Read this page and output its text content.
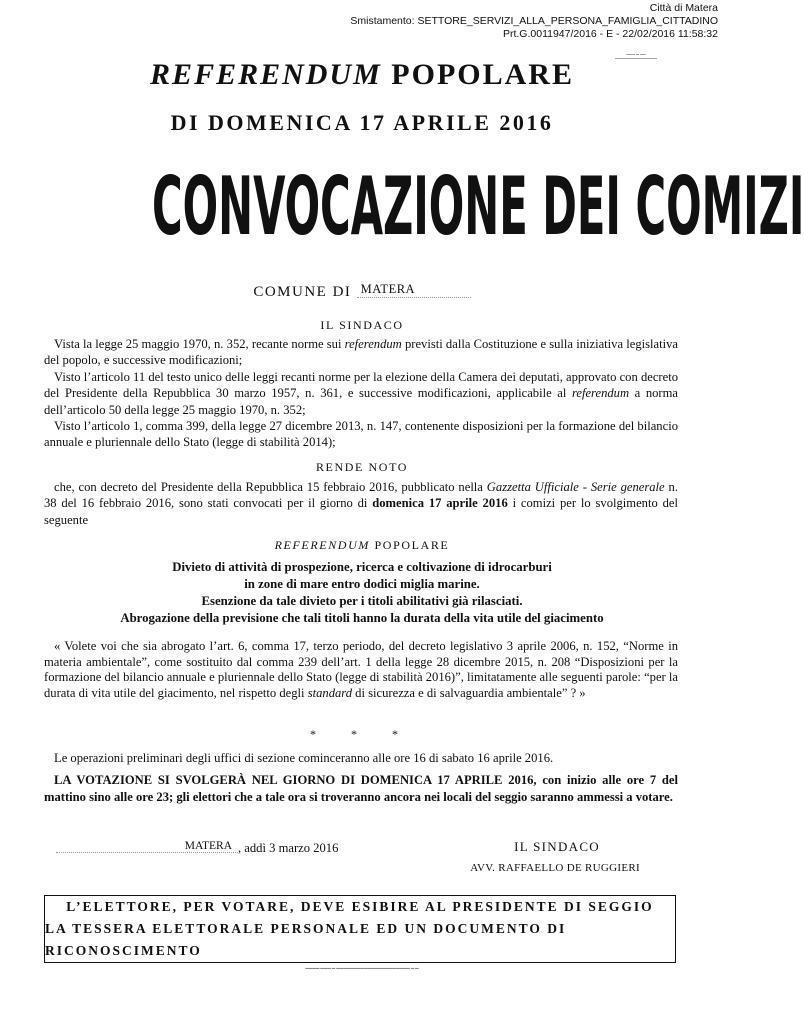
Città di Matera
Smistamento: SETTORE_SERVIZI_ALLA_PERSONA_FAMIGLIA_CITTADINO
Prt.G.0011947/2016 - E - 22/02/2016 11:58:32
▬▬▬ ▬ ▬▬
▬▬▬▬▬▬▬▬▬▬▬▬▬▬
REFERENDUM POPOLARE
DI DOMENICA 17 APRILE 2016
CONVOCAZIONE DEI COMIZI
COMUNE DI MATERA
IL SINDACO

Vista la legge 25 maggio 1970, n. 352, recante norme sui referendum previsti dalla Costituzione e sulla iniziativa legislativa del popolo, e successive modificazioni;

Visto l’articolo 11 del testo unico delle leggi recanti norme per la elezione della Camera dei deputati, approvato con decreto del Presidente della Repubblica 30 marzo 1957, n. 361, e successive modificazioni, applicabile al referendum a norma dell’articolo 50 della legge 25 maggio 1970, n. 352;

Visto l’articolo 1, comma 399, della legge 27 dicembre 2013, n. 147, contenente disposizioni per la formazione del bilancio annuale e pluriennale dello Stato (legge di stabilità 2014);

RENDE NOTO

che, con decreto del Presidente della Repubblica 15 febbraio 2016, pubblicato nella Gazzetta Ufficiale - Serie generale n. 38 del 16 febbraio 2016, sono stati convocati per il giorno di domenica 17 aprile 2016 i comizi per lo svolgimento del seguente

REFERENDUM POPOLARE
Divieto di attività di prospezione, ricerca e coltivazione di idrocarburi
in zone di mare entro dodici miglia marine.
Esenzione da tale divieto per i titoli abilitativi già rilasciati.
Abrogazione della previsione che tali titoli hanno la durata della vita utile del giacimento

« Volete voi che sia abrogato l’art. 6, comma 17, terzo periodo, del decreto legislativo 3 aprile 2006, n. 152, “Norme in materia ambientale”, come sostituito dal comma 239 dell’art. 1 della legge 28 dicembre 2015, n. 208 “Disposizioni per la formazione del bilancio annuale e pluriennale dello Stato (legge di stabilità 2016)”, limitatamente alle seguenti parole: “per la durata di vita utile del giacimento, nel rispetto degli standard di sicurezza e di salvaguardia ambientale” ? »

* * *

Le operazioni preliminari degli uffici di sezione cominceranno alle ore 16 di sabato 16 aprile 2016.

LA VOTAZIONE SI SVOLGERÀ NEL GIORNO DI DOMENICA 17 APRILE 2016, con inizio alle ore 7 del mattino sino alle ore 23; gli elettori che a tale ora si troveranno ancora nei locali del seggio saranno ammessi a votare.

MATERA , addì 3 marzo 2016	IL SINDACO
AVV. RAFFAELLO DE RUGGIERI
L’ELETTORE, PER VOTARE, DEVE ESIBIRE AL PRESIDENTE DI SEGGIO
LA TESSERA ELETTORALE PERSONALE ED UN DOCUMENTO DI RICONOSCIMENTO
▬▬▬▬ ▬▬▬ ▬ ▬▬▬▬▬▬▬▬▬▬▬▬▬▬▬▬▬▬▬▬▬ ▬ ▬
